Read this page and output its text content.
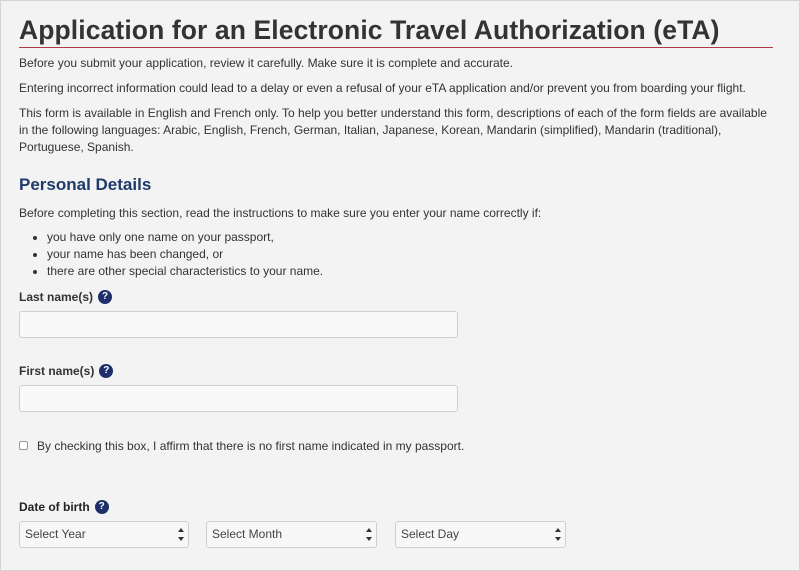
Application for an Electronic Travel Authorization (eTA)

Before you submit your application, review it carefully. Make sure it is complete and accurate.

Entering incorrect information could lead to a delay or even a refusal of your eTA application and/or prevent you from boarding your flight.

This form is available in English and French only. To help you better understand this form, descriptions of each of the form fields are available in the following languages: Arabic, English, French, German, Italian, Japanese, Korean, Mandarin (simplified), Mandarin (traditional), Portuguese, Spanish.

Personal Details

Before completing this section, read the instructions to make sure you enter your name correctly if:

• you have only one name on your passport,
• your name has been changed, or
• there are other special characteristics to your name.
Last name(s) ?
First name(s) ?
By checking this box, I affirm that there is no first name indicated in my passport.
Date of birth ?
Select Year	Select Month	Select Day
